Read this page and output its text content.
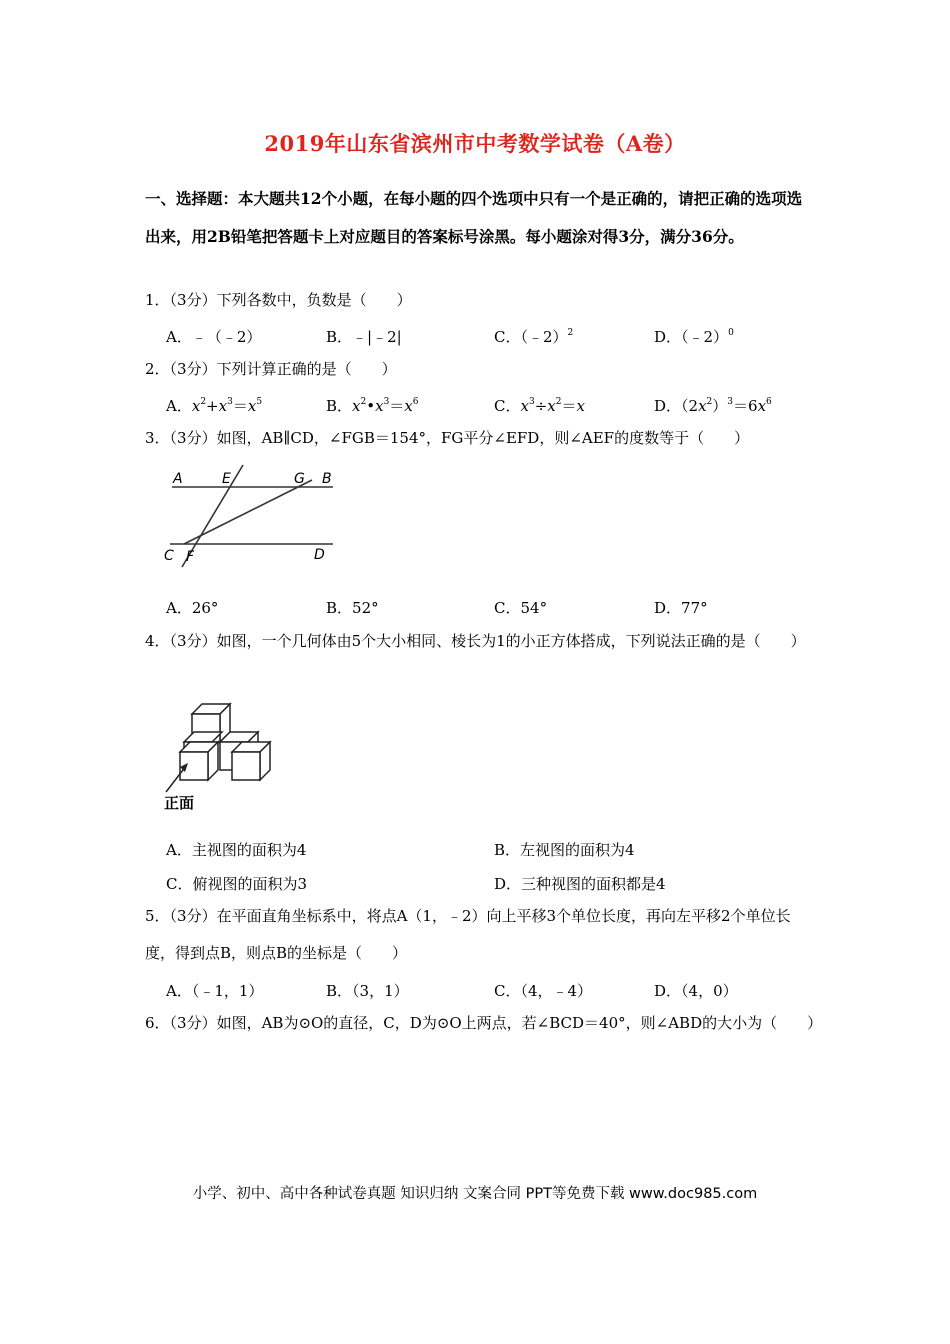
2019年山东省滨州市中考数学试卷（A卷）
一、选择题：本大题共12个小题，在每小题的四个选项中只有一个是正确的，请把正确的选项选出来，用2B铅笔把答题卡上对应题目的答案标号涂黑。每小题涂对得3分，满分36分。
1．（3分）下列各数中，负数是（　　）
A．﹣（﹣2）	B．﹣|﹣2|	C．（﹣2）$^2$	D．（﹣2）$^0$
2．（3分）下列计算正确的是（　　）
A．$x^2+x^3=x^5$	B．$x^2•x^3=x^6$	C．$x^3\div x^2=x$	D．$(2x^2)^3=6x^6$
3．（3分）如图，AB∥CD，∠FGB＝154°，FG平分∠EFD，则∠AEF的度数等于（　　）
A	E	G B
C F	D
A．26°	B．52°	C．54°	D．77°
4．（3分）如图，一个几何体由5个大小相同、棱长为1的小正方体搭成，下列说法正确的是（　　）
正面
A．主视图的面积为4	B．左视图的面积为4
C．俯视图的面积为3	D．三种视图的面积都是4
5．（3分）在平面直角坐标系中，将点A（1，﹣2）向上平移3个单位长度，再向左平移2个单位长度，得到点B，则点B的坐标是（　　）
A．（﹣1，1）	B．（3，1）	C．（4，﹣4）	D．（4，0）
6．（3分）如图，AB为⊙O的直径，C，D为⊙O上两点，若∠BCD＝40°，则∠ABD的大小为（　　）
小学、初中、高中各种试卷真题 知识归纳 文案合同 PPT等免费下载 www.doc985.com
